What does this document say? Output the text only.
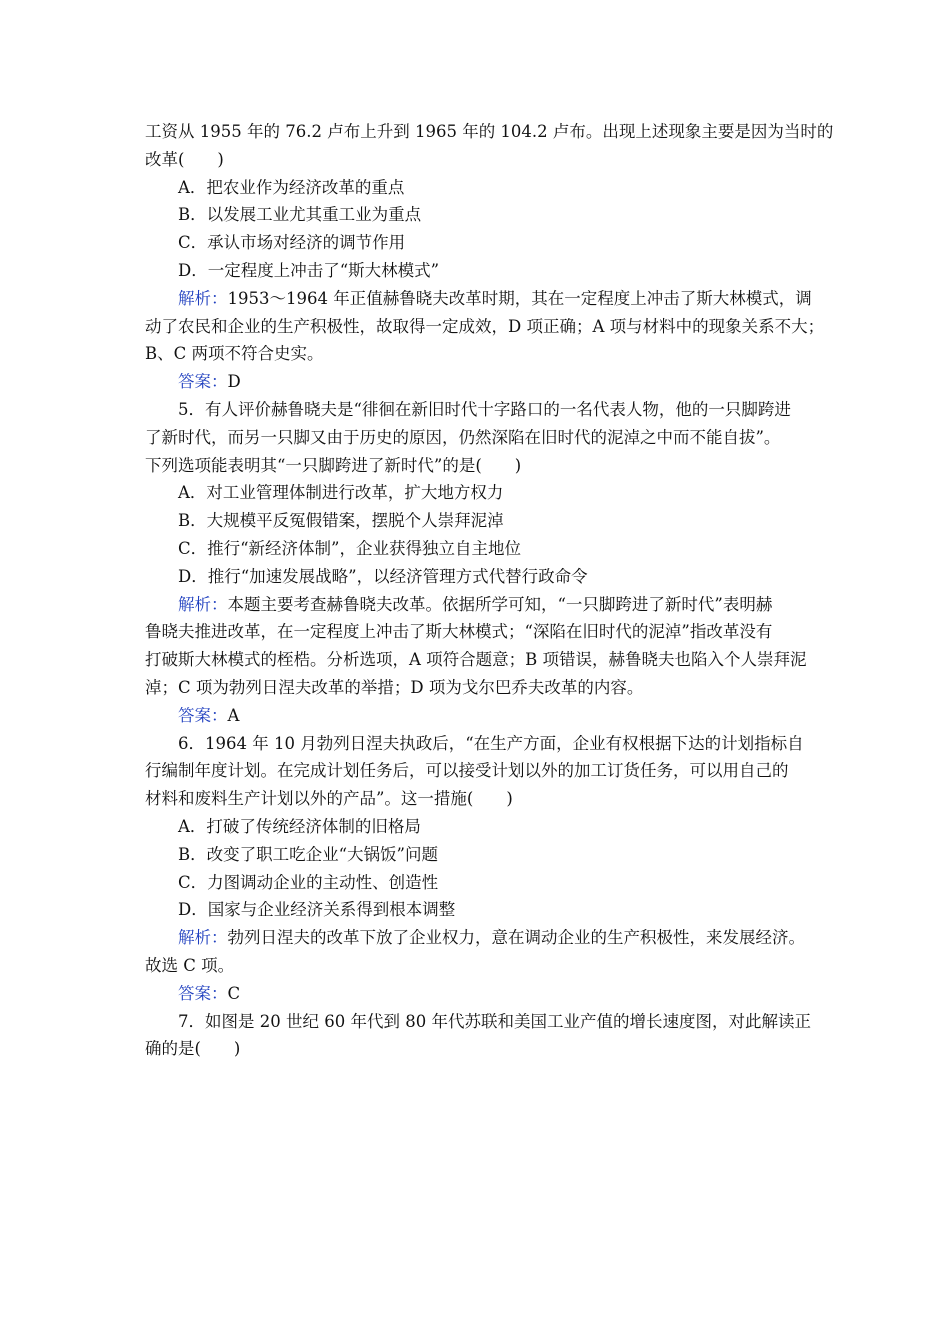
工资从 1955 年的 76.2 卢布上升到 1965 年的 104.2 卢布。出现上述现象主要是因为当时的
改革(　　)
A．把农业作为经济改革的重点
B．以发展工业尤其重工业为重点
C．承认市场对经济的调节作用
D．一定程度上冲击了“斯大林模式”
解析：1953～1964 年正值赫鲁晓夫改革时期，其在一定程度上冲击了斯大林模式，调
动了农民和企业的生产积极性，故取得一定成效，D 项正确；A 项与材料中的现象关系不大；
B、C 两项不符合史实。
答案：D
5．有人评价赫鲁晓夫是“徘徊在新旧时代十字路口的一名代表人物，他的一只脚跨进
了新时代，而另一只脚又由于历史的原因，仍然深陷在旧时代的泥淖之中而不能自拔”。
下列选项能表明其“一只脚跨进了新时代”的是(　　)
A．对工业管理体制进行改革，扩大地方权力
B．大规模平反冤假错案，摆脱个人崇拜泥淖
C．推行“新经济体制”，企业获得独立自主地位
D．推行“加速发展战略”，以经济管理方式代替行政命令
解析：本题主要考查赫鲁晓夫改革。依据所学可知，“一只脚跨进了新时代”表明赫
鲁晓夫推进改革，在一定程度上冲击了斯大林模式；“深陷在旧时代的泥淖”指改革没有
打破斯大林模式的桎梏。分析选项，A 项符合题意；B 项错误，赫鲁晓夫也陷入个人崇拜泥
淖；C 项为勃列日涅夫改革的举措；D 项为戈尔巴乔夫改革的内容。
答案：A
6．1964 年 10 月勃列日涅夫执政后，“在生产方面，企业有权根据下达的计划指标自
行编制年度计划。在完成计划任务后，可以接受计划以外的加工订货任务，可以用自己的
材料和废料生产计划以外的产品”。这一措施(　　)
A．打破了传统经济体制的旧格局
B．改变了职工吃企业“大锅饭”问题
C．力图调动企业的主动性、创造性
D．国家与企业经济关系得到根本调整
解析：勃列日涅夫的改革下放了企业权力，意在调动企业的生产积极性，来发展经济。
故选 C 项。
答案：C
7．如图是 20 世纪 60 年代到 80 年代苏联和美国工业产值的增长速度图，对此解读正
确的是(　　)
